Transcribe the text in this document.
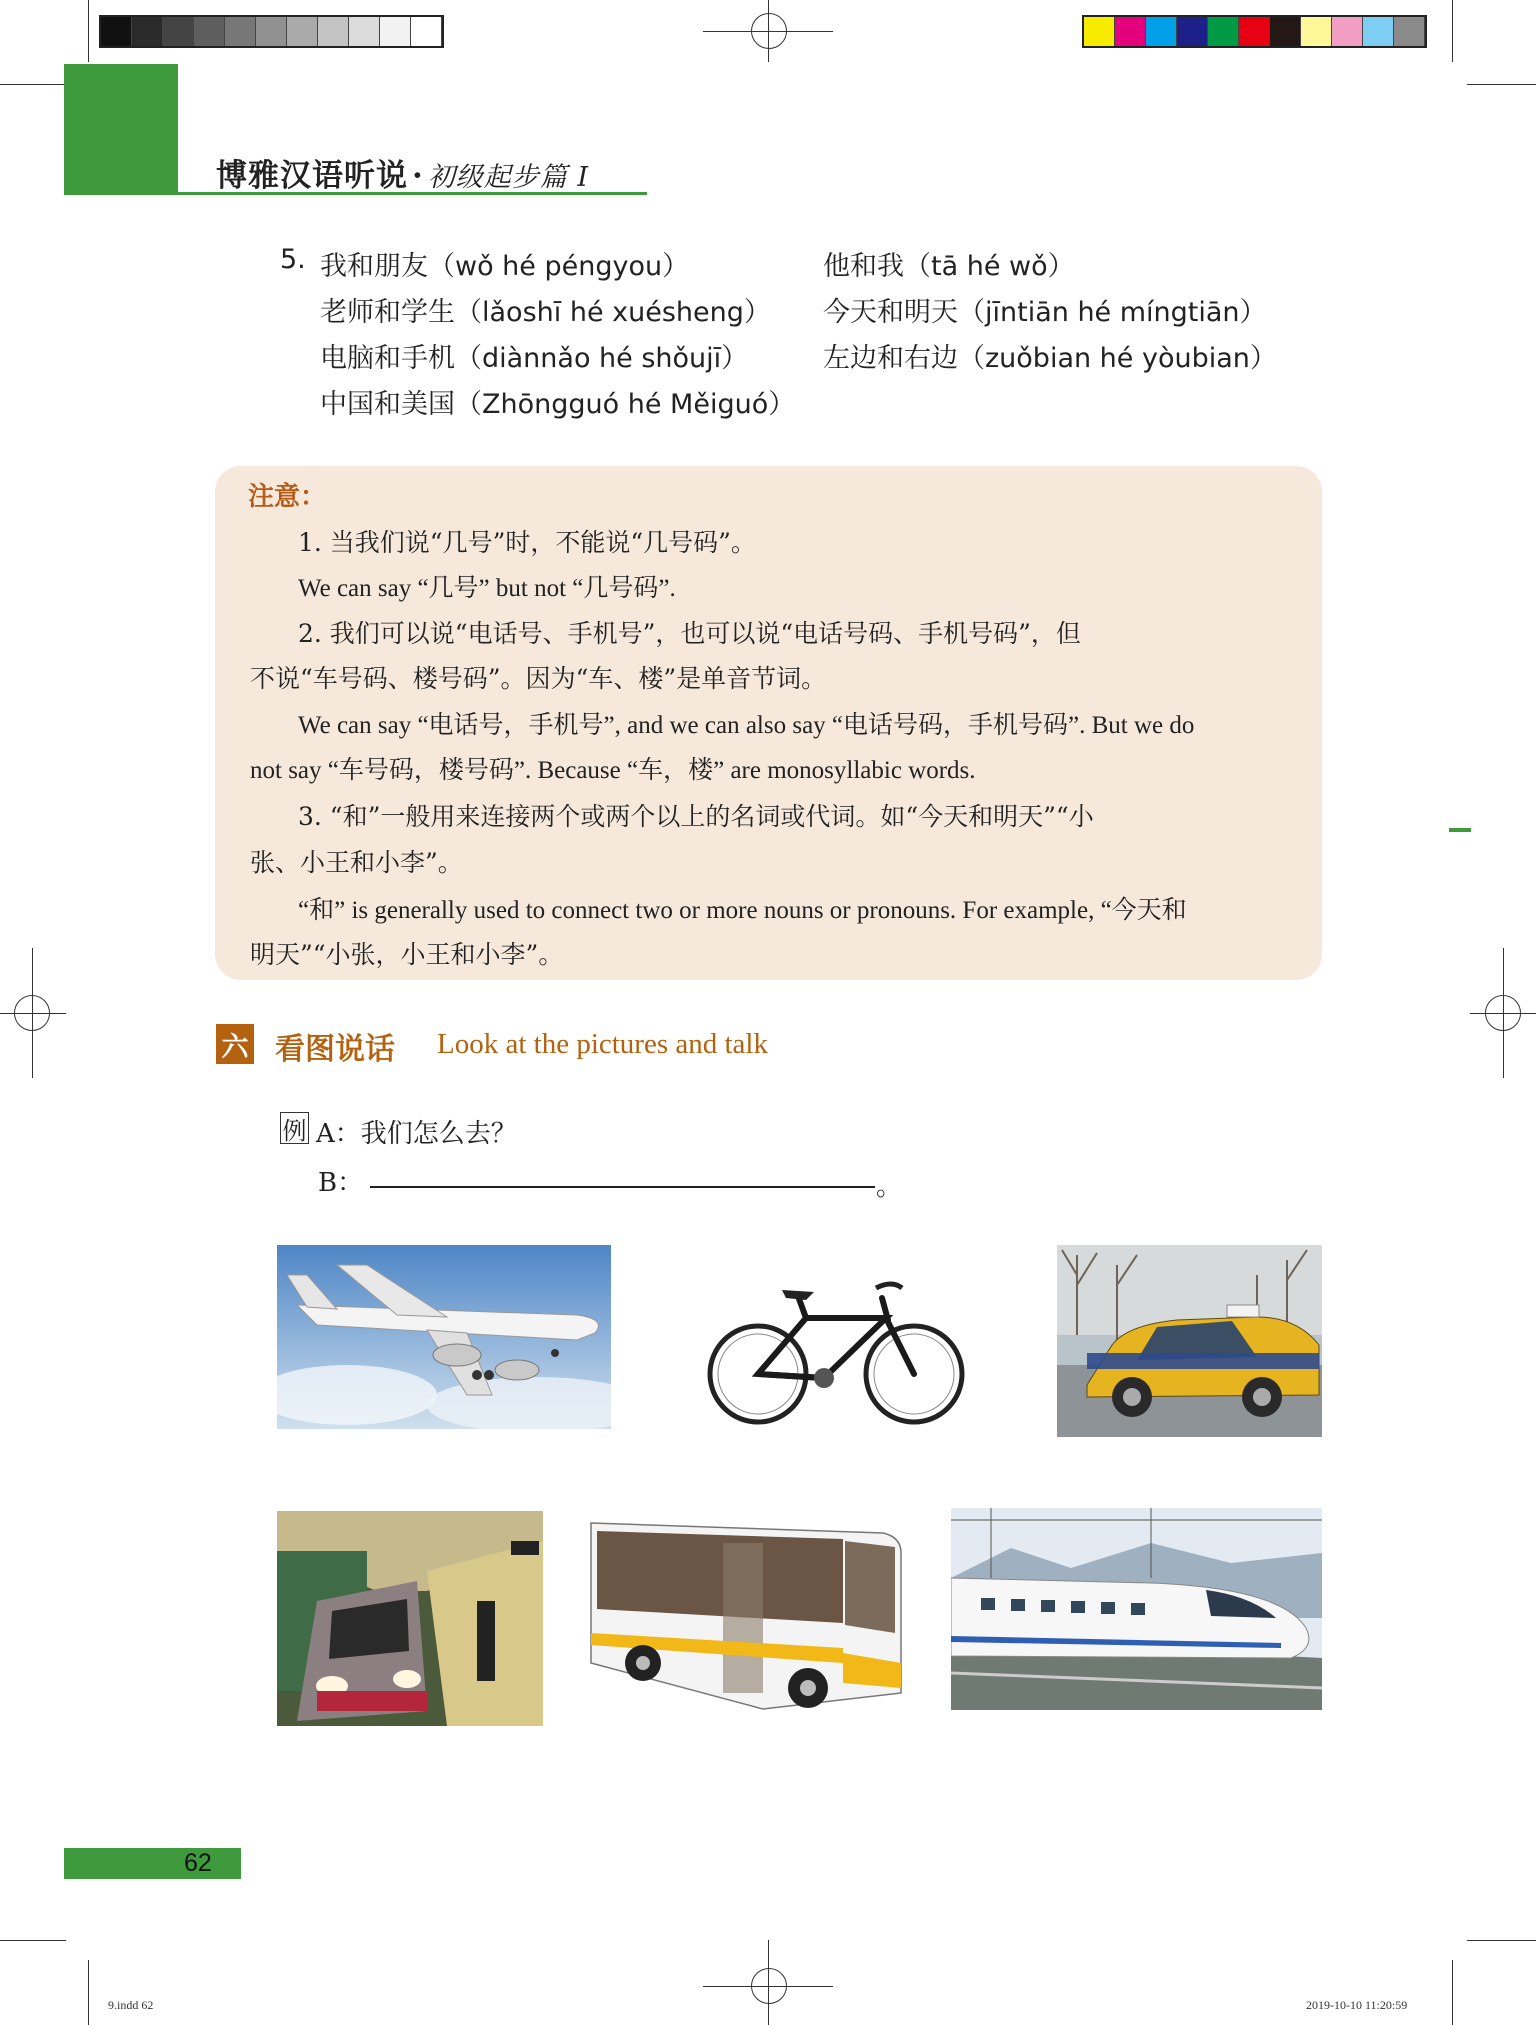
博雅汉语听说 · 初级起步篇 I
5. 我和朋友（wǒ hé péngyou）	他和我（tā hé wǒ）
老师和学生（lǎoshī hé xuésheng） 今天和明天（jīntiān hé míngtiān）
电脑和手机（diànnǎo hé shǒujī）	左边和右边（zuǒbian hé yòubian）
中国和美国（Zhōngguó hé Měiguó）
注意：
1. 当我们说“几号”时，不能说“几号码”。
We can say “几号” but not “几号码”.
2. 我们可以说“电话号、手机号”，也可以说“电话号码、手机号码”，但
不说“车号码、楼号码”。因为“车、楼”是单音节词。
We can say “电话号，手机号”, and we can also say “电话号码，手机号码”. But we do
not say “车号码，楼号码”. Because “车，楼” are monosyllabic words.
3. “和”一般用来连接两个或两个以上的名词或代词。如“今天和明天”“小
张、小王和小李”。
“和” is generally used to connect two or more nouns or pronouns. For example, “今天和
明天”“小张，小王和小李”。
六 看图说话 Look at the pictures and talk
例 A：我们怎么去？
B：	。
62
9.indd 62	2019-10-10 11:20:59
